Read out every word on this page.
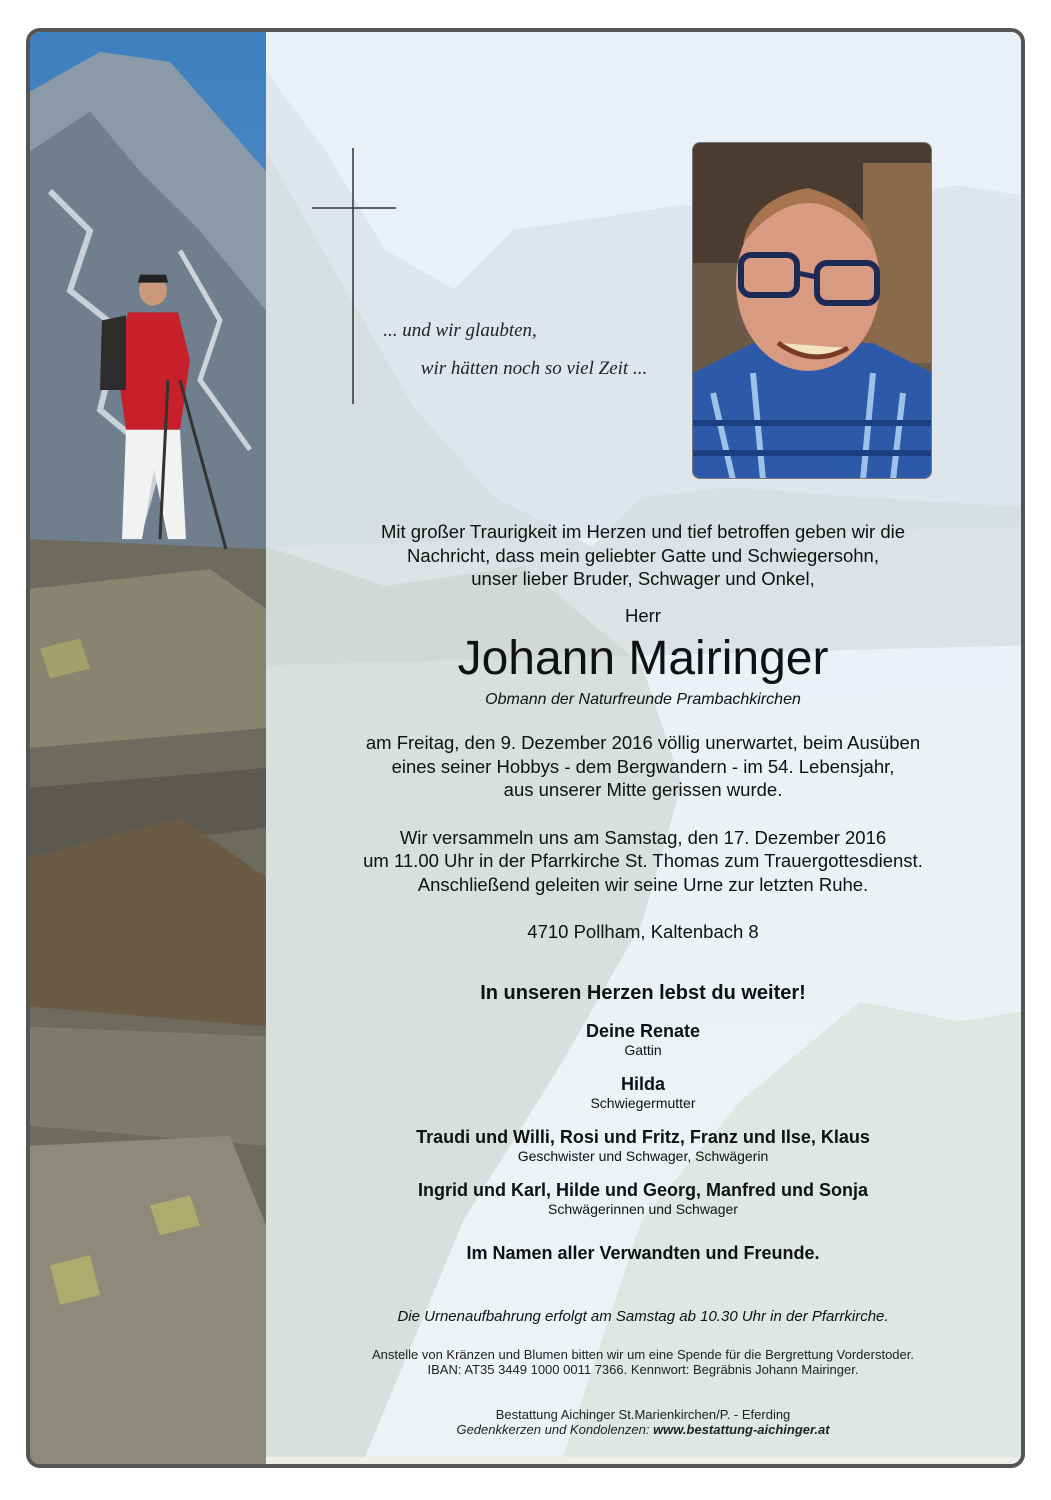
... und wir glaubten,
wir hätten noch so viel Zeit ...
Mit großer Traurigkeit im Herzen und tief betroffen geben wir die
Nachricht, dass mein geliebter Gatte und Schwiegersohn,
unser lieber Bruder, Schwager und Onkel,
Herr
Johann Mairinger
Obmann der Naturfreunde Prambachkirchen
am Freitag, den 9. Dezember 2016 völlig unerwartet, beim Ausüben
eines seiner Hobbys - dem Bergwandern - im 54. Lebensjahr,
aus unserer Mitte gerissen wurde.
Wir versammeln uns am Samstag, den 17. Dezember 2016
um 11.00 Uhr in der Pfarrkirche St. Thomas zum Trauergottesdienst.
Anschließend geleiten wir seine Urne zur letzten Ruhe.
4710 Pollham, Kaltenbach 8
In unseren Herzen lebst du weiter!
Deine Renate
Gattin
Hilda
Schwiegermutter
Traudi und Willi, Rosi und Fritz, Franz und Ilse, Klaus
Geschwister und Schwager, Schwägerin
Ingrid und Karl, Hilde und Georg, Manfred und Sonja
Schwägerinnen und Schwager
Im Namen aller Verwandten und Freunde.
Die Urnenaufbahrung erfolgt am Samstag ab 10.30 Uhr in der Pfarrkirche.
Anstelle von Kränzen und Blumen bitten wir um eine Spende für die Bergrettung Vorderstoder.
IBAN: AT35 3449 1000 0011 7366. Kennwort: Begräbnis Johann Mairinger.
Bestattung Aichinger St.Marienkirchen/P. - Eferding
Gedenkkerzen und Kondolenzen: www.bestattung-aichinger.at
